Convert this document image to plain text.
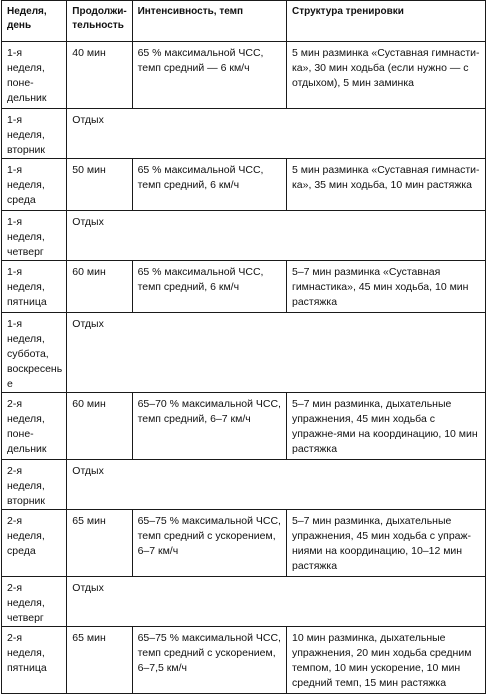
Неделя, день	Продолжи-тельность	Интенсивность, темп	Структура тренировки
1-я неделя, поне-дельник	40 мин	65 % максимальной ЧСС, темп средний — 6 км/ч	5 мин разминка «Суставная гимнасти-ка», 30 мин ходьба (если нужно — с отдыхом), 5 мин заминка
1-я неделя, вторник	Отдых		
1-я неделя, среда	50 мин	65 % максимальной ЧСС, темп средний, 6 км/ч	5 мин разминка «Суставная гимнасти-ка», 35 мин ходьба, 10 мин растяжка
1-я неделя, четверг	Отдых		
1-я неделя, пятница	60 мин	65 % максимальной ЧСС, темп средний, 6 км/ч	5–7 мин разминка «Суставная гимнастика», 45 мин ходьба, 10 мин растяжка
1-я неделя, суббота, воскресенье	Отдых		
2-я неделя, поне-дельник	60 мин	65–70 % максимальной ЧСС, темп средний, 6–7 км/ч	5–7 мин разминка, дыхательные упражнения, 45 мин ходьба с упражне-ями на координацию, 10 мин растяжка
2-я неделя, вторник	Отдых		
2-я неделя, среда	65 мин	65–75 % максимальной ЧСС, темп средний с ускорением, 6–7 км/ч	5–7 мин разминка, дыхательные упражнения, 45 мин ходьба с упраж-ниями на координацию, 10–12 мин растяжка
2-я неделя, четверг	Отдых		
2-я неделя, пятница	65 мин	65–75 % максимальной ЧСС, темп средний с ускорением, 6–7,5 км/ч	10 мин разминка, дыхательные упражнения, 20 мин ходьба средним темпом, 10 мин ускорение, 10 мин средний темп, 15 мин растяжка
